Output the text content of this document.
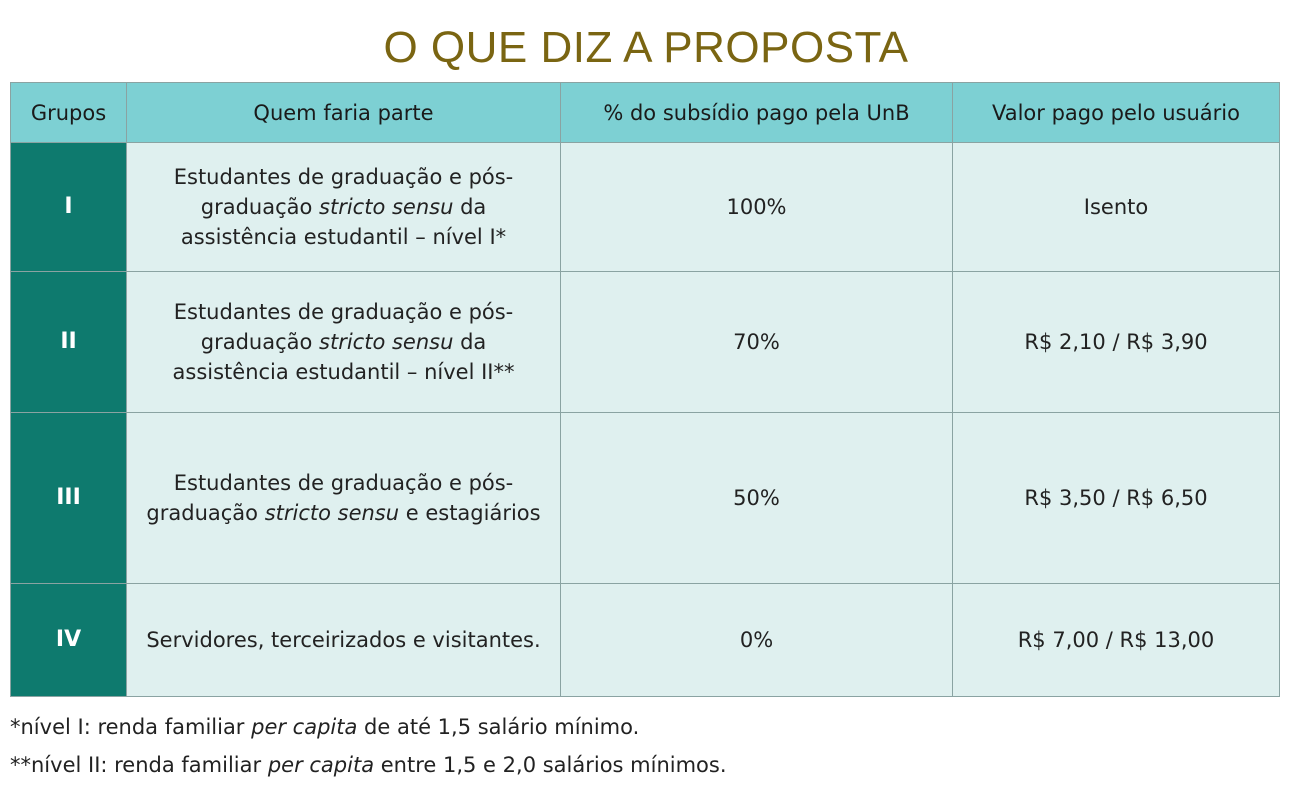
O QUE DIZ A PROPOSTA
Grupos	Quem faria parte	% do subsídio pago pela UnB	Valor pago pelo usuário
I	Estudantes de graduação e pós-graduação stricto sensu da assistência estudantil – nível I*	100%	Isento
II	Estudantes de graduação e pós-graduação stricto sensu da assistência estudantil – nível II**	70%	R$ 2,10 / R$ 3,90
III	Estudantes de graduação e pós-graduação stricto sensu e estagiários	50%	R$ 3,50 / R$ 6,50
IV	Servidores, terceirizados e visitantes.	0%	R$ 7,00 / R$ 13,00
*nível I: renda familiar per capita de até 1,5 salário mínimo.
**nível II: renda familiar per capita entre 1,5 e 2,0 salários mínimos.
